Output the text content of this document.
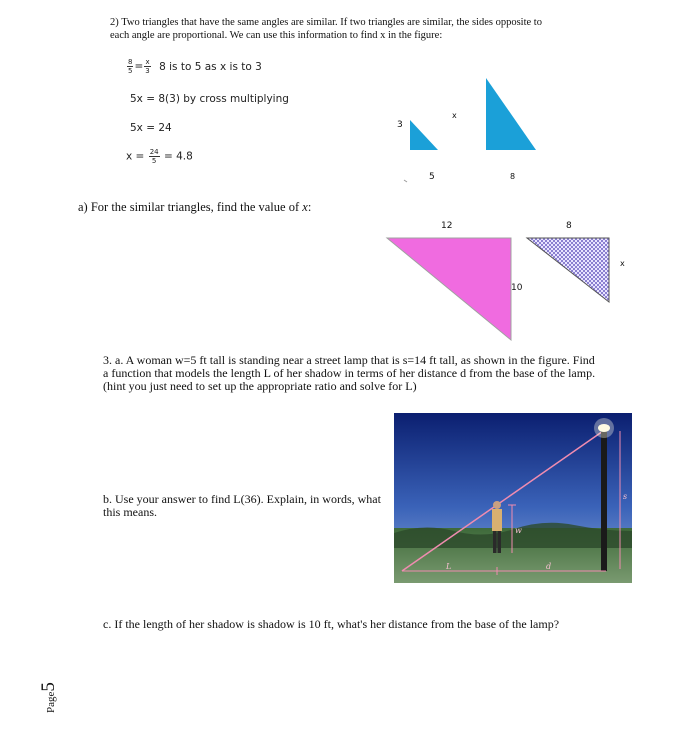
2) Two triangles that have the same angles are similar. If two triangles are similar, the sides opposite to each angle are proportional. We can use this information to find x in the figure:
$\frac{8}{5} = \frac{x}{3} 8$ is to 5 as x is to 3
5x = 8(3) by cross multiplying
5x = 24
$x = \frac{24}{5} = 4.8$
3
5
x
8
a) For the similar triangles, find the value of x:
12
10
8
x
3. a. A woman w=5 ft tall is standing near a street lamp that is s=14 ft tall, as shown in the figure. Find a function that models the length L of her shadow in terms of her distance d from the base of the lamp. (hint you just need to set up the appropriate ratio and solve for L)
b. Use your answer to find L(36). Explain, in words, what this means.
c. If the length of her shadow is shadow is 10 ft, what's her distance from the base of the lamp?
s
w
L	d
Page5
